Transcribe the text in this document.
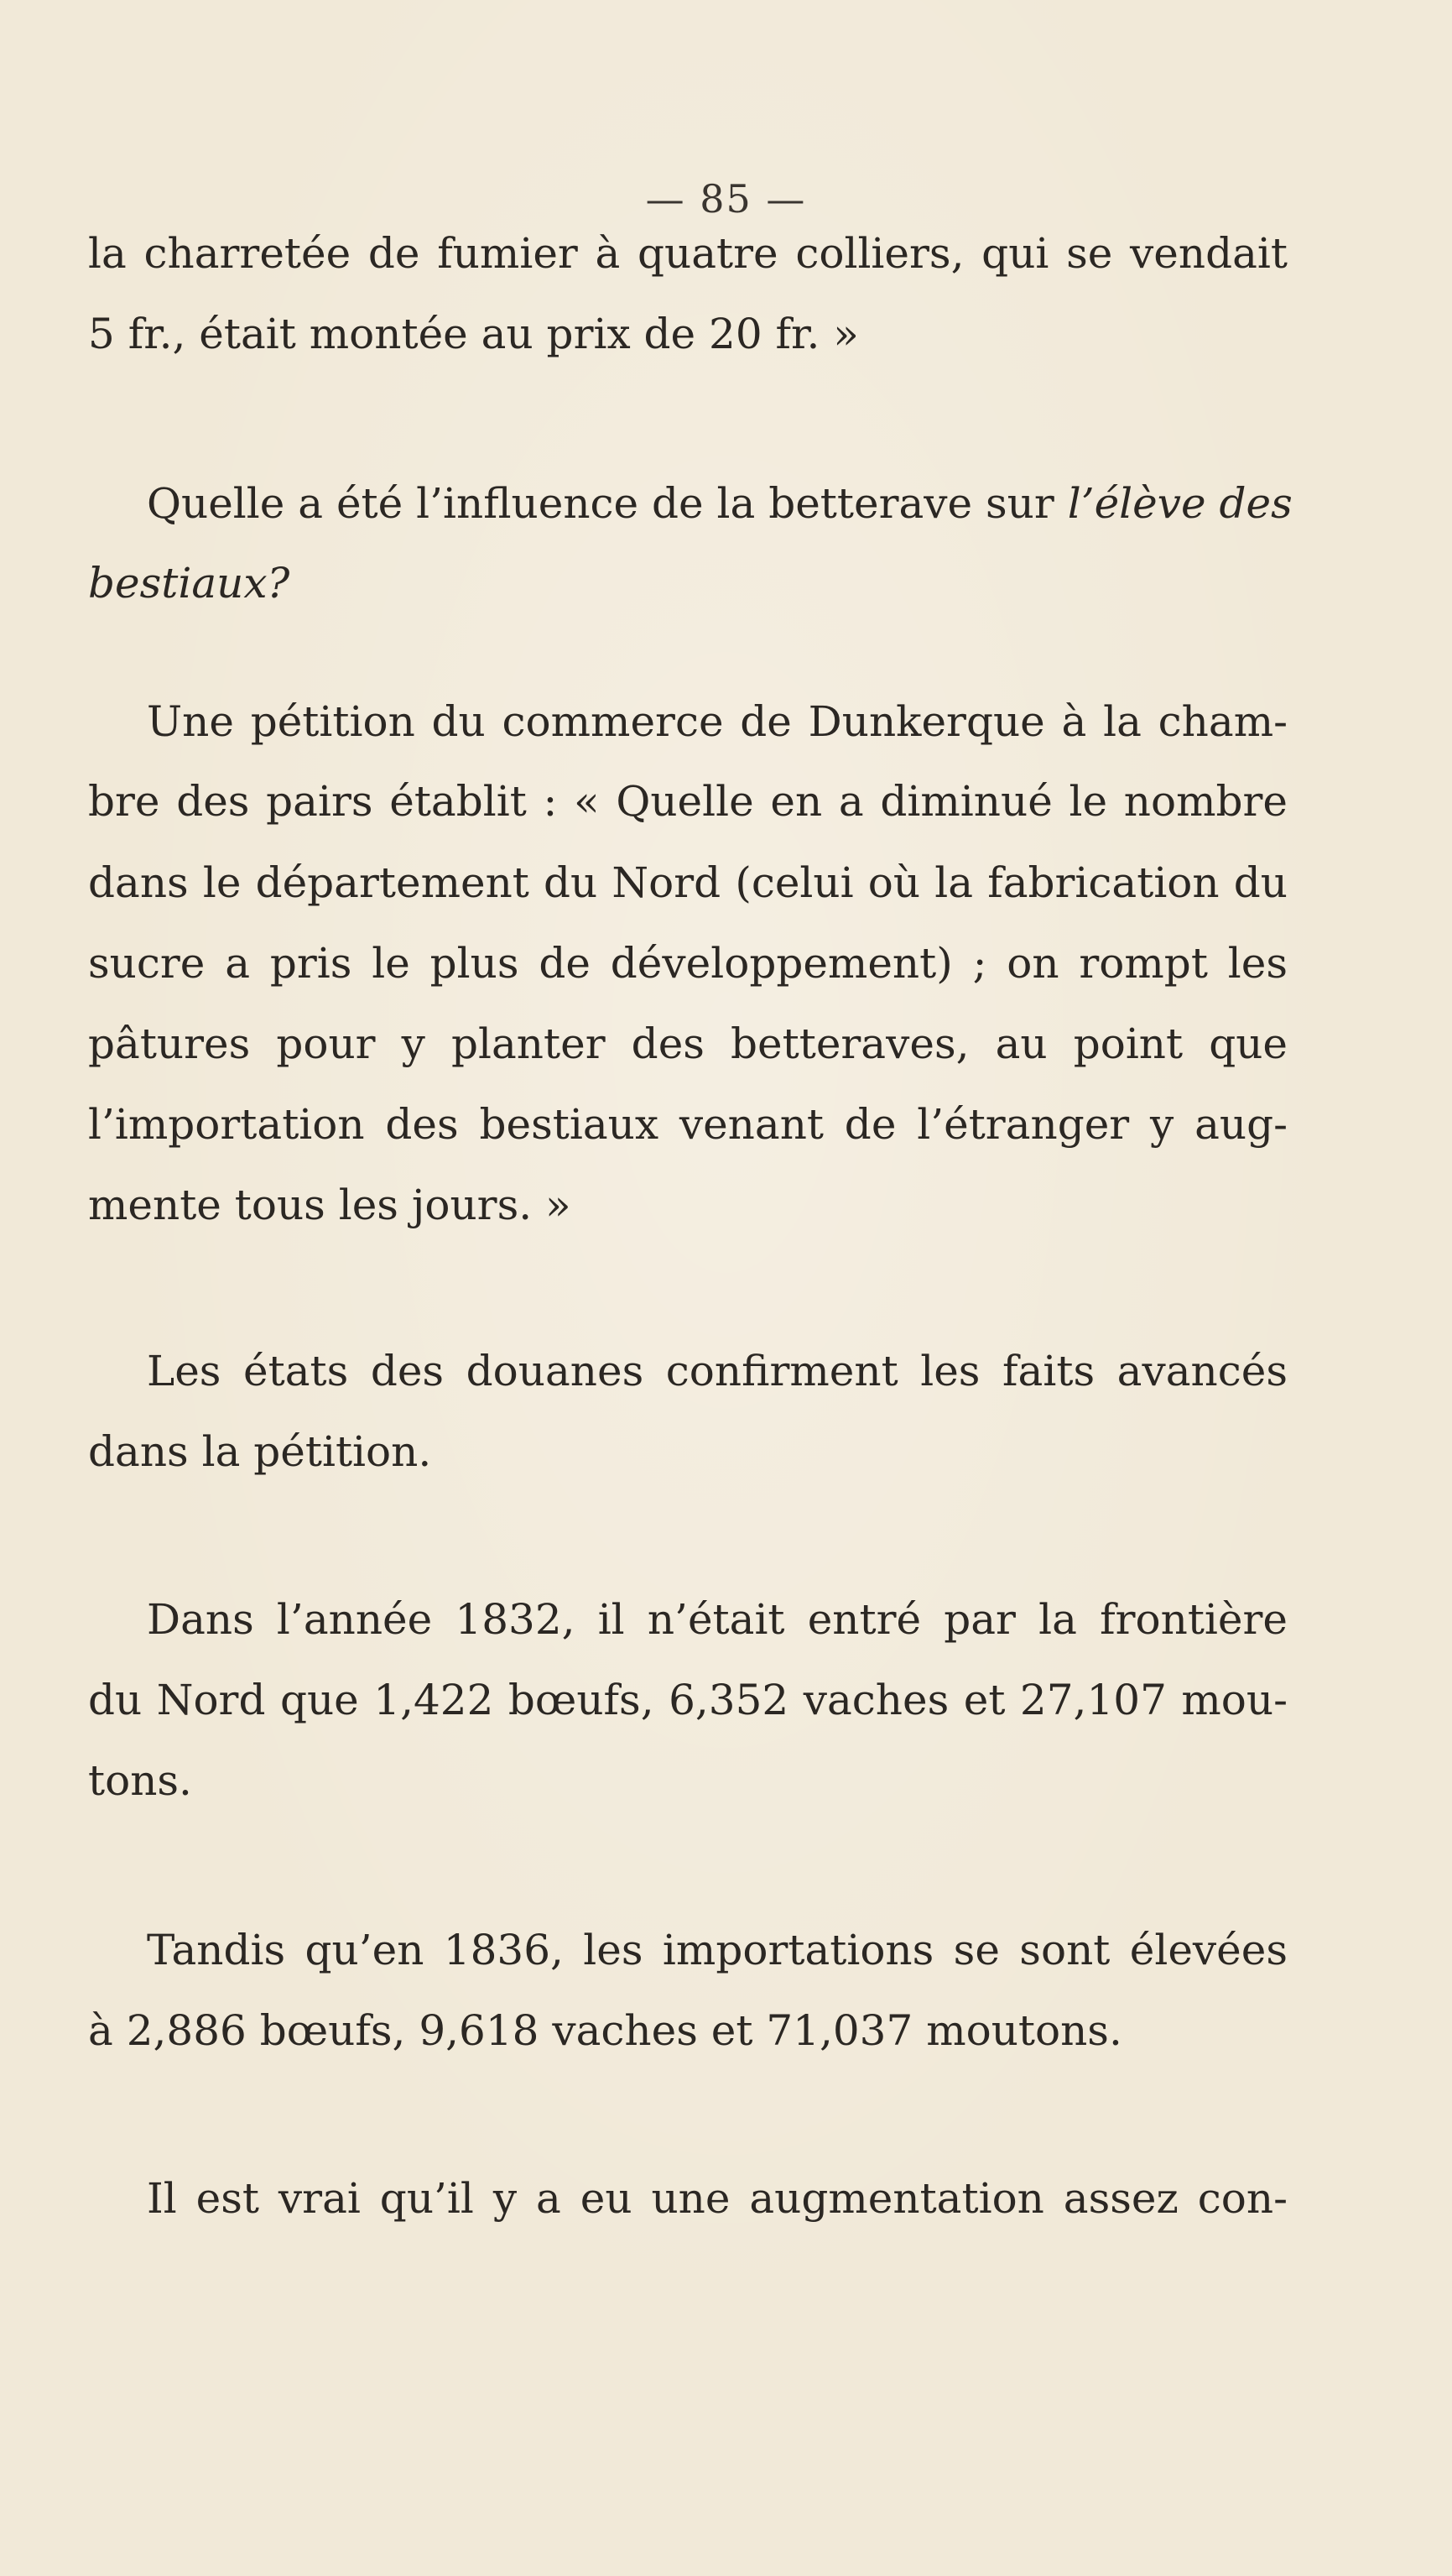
— 85 —
la charretée de fumier à quatre colliers, qui se vendait
5 fr., était montée au prix de 20 fr. »
Quelle a été l’influence de la betterave sur l’élève des
bestiaux?
Une pétition du commerce de Dunkerque à la cham-
bre des pairs établit : « Quelle en a diminué le nombre
dans le département du Nord (celui où la fabrication du
sucre a pris le plus de développement) ; on rompt les
pâtures pour y planter des betteraves, au point que
l’importation des bestiaux venant de l’étranger y aug-
mente tous les jours. »
Les états des douanes confirment les faits avancés
dans la pétition.
Dans l’année 1832, il n’était entré par la frontière
du Nord que 1,422 bœufs, 6,352 vaches et 27,107 mou-
tons.
Tandis qu’en 1836, les importations se sont élevées
à 2,886 bœufs, 9,618 vaches et 71,037 moutons.
Il est vrai qu’il y a eu une augmentation assez con-
